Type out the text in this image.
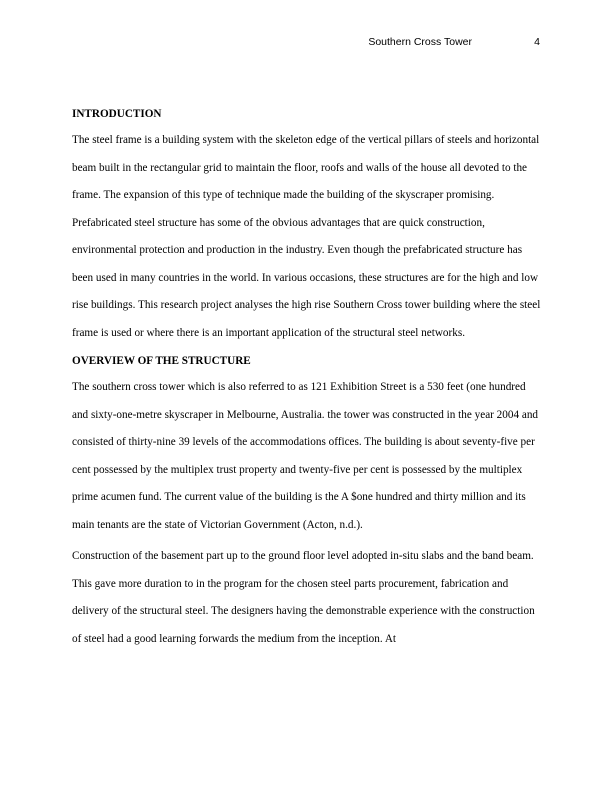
Southern Cross Tower	4
INTRODUCTION

The steel frame is a building system with the skeleton edge of the vertical pillars of steels and horizontal beam built in the rectangular grid to maintain the floor, roofs and walls of the house all devoted to the frame. The expansion of this type of technique made the building of the skyscraper promising. Prefabricated steel structure has some of the obvious advantages that are quick construction, environmental protection and production in the industry. Even though the prefabricated structure has been used in many countries in the world. In various occasions, these structures are for the high and low rise buildings. This research project analyses the high rise Southern Cross tower building where the steel frame is used or where there is an important application of the structural steel networks.

OVERVIEW OF THE STRUCTURE

The southern cross tower which is also referred to as 121 Exhibition Street is a 530 feet (one hundred and sixty-one-metre skyscraper in Melbourne, Australia. the tower was constructed in the year 2004 and consisted of thirty-nine 39 levels of the accommodations offices. The building is about seventy-five per cent possessed by the multiplex trust property and twenty-five per cent is possessed by the multiplex prime acumen fund. The current value of the building is the A $one hundred and thirty million and its main tenants are the state of Victorian Government (Acton, n.d.).

Construction of the basement part up to the ground floor level adopted in-situ slabs and the band beam. This gave more duration to in the program for the chosen steel parts procurement, fabrication and delivery of the structural steel. The designers having the demonstrable experience with the construction of steel had a good learning forwards the medium from the inception. At
